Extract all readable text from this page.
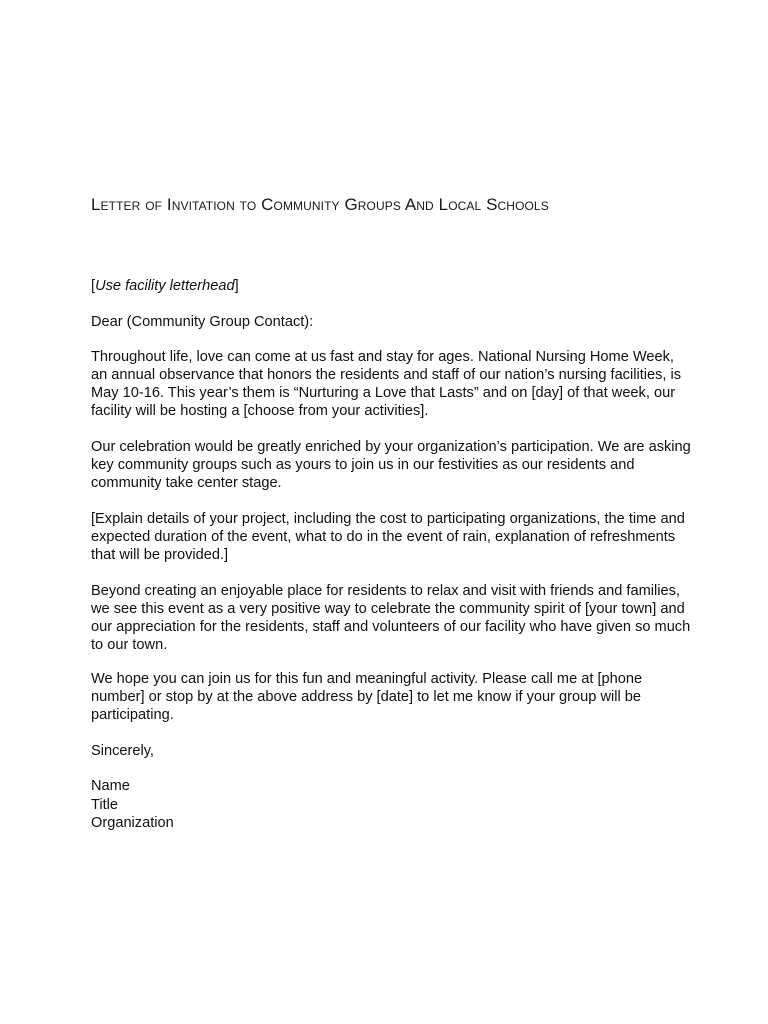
Letter of Invitation to Community Groups And Local Schools
[Use facility letterhead]
Dear (Community Group Contact):

Throughout life, love can come at us fast and stay for ages. National Nursing Home Week, an annual observance that honors the residents and staff of our nation’s nursing facilities, is May 10-16. This year’s them is “Nurturing a Love that Lasts” and on [day] of that week, our facility will be hosting a [choose from your activities].

Our celebration would be greatly enriched by your organization’s participation. We are asking key community groups such as yours to join us in our festivities as our residents and community take center stage.

[Explain details of your project, including the cost to participating organizations, the time and expected duration of the event, what to do in the event of rain, explanation of refreshments that will be provided.]

Beyond creating an enjoyable place for residents to relax and visit with friends and families, we see this event as a very positive way to celebrate the community spirit of [your town] and our appreciation for the residents, staff and volunteers of our facility who have given so much to our town.

We hope you can join us for this fun and meaningful activity. Please call me at [phone number] or stop by at the above address by [date] to let me know if your group will be participating.

Sincerely,
Name
Title
Organization
